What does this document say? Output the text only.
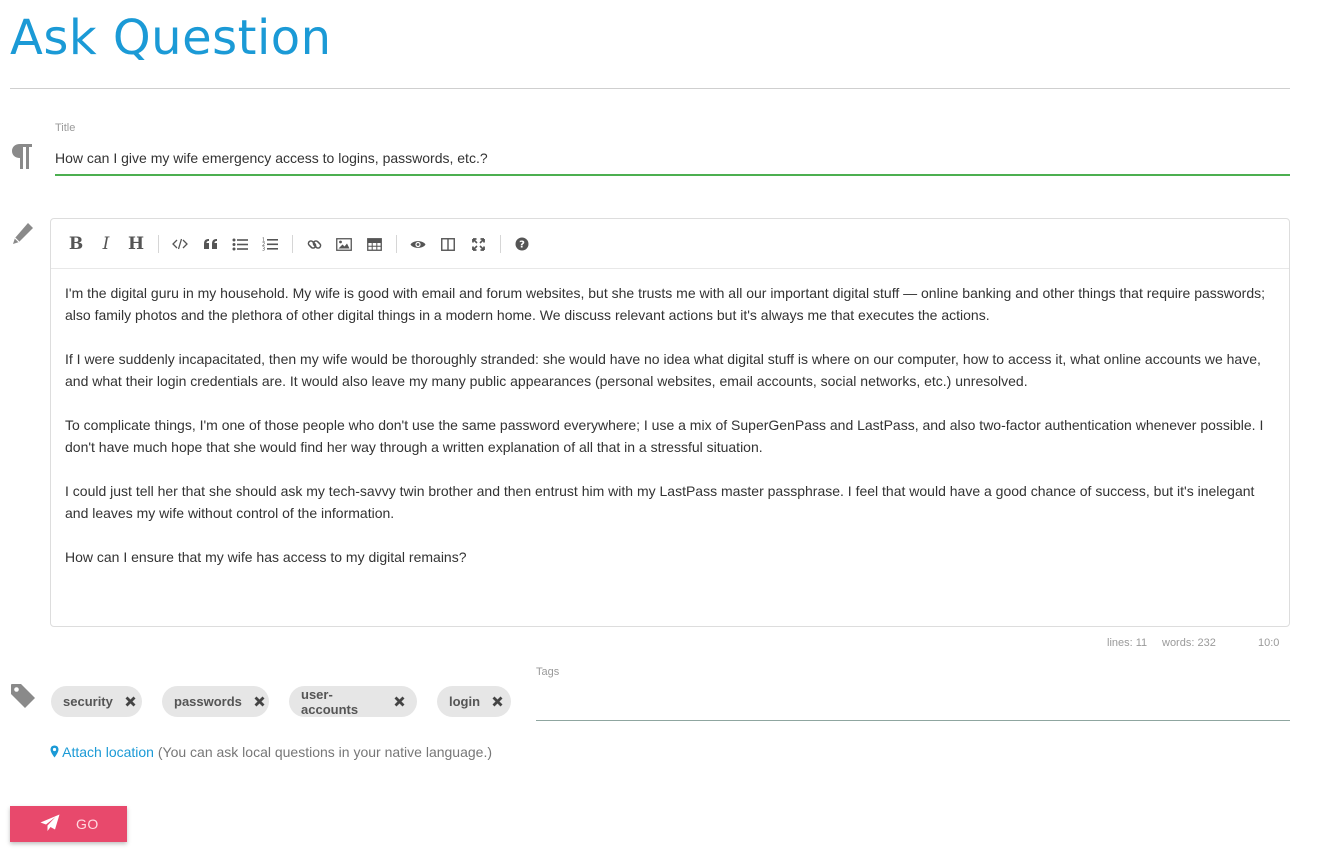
Ask Question
Title
How can I give my wife emergency access to logins, passwords, etc.?
B I H	1
2
3	?

I'm the digital guru in my household. My wife is good with email and forum websites, but she trusts me with all our important digital stuff — online banking and other things that require passwords; also family photos and the plethora of other digital things in a modern home. We discuss relevant actions but it's always me that executes the actions.

If I were suddenly incapacitated, then my wife would be thoroughly stranded: she would have no idea what digital stuff is where on our computer, how to access it, what online accounts we have, and what their login credentials are. It would also leave my many public appearances (personal websites, email accounts, social networks, etc.) unresolved.

To complicate things, I'm one of those people who don't use the same password everywhere; I use a mix of SuperGenPass and LastPass, and also two-factor authentication whenever possible. I don't have much hope that she would find her way through a written explanation of all that in a stressful situation.

I could just tell her that she should ask my tech-savvy twin brother and then entrust him with my LastPass master passphrase. I feel that would have a good chance of success, but it's inelegant and leaves my wife without control of the information.

How can I ensure that my wife has access to my digital remains?

lines: 11 words: 232	10:0
security	passwords	user-accounts	login
Tags
Attach location (You can ask local questions in your native language.)
GO
